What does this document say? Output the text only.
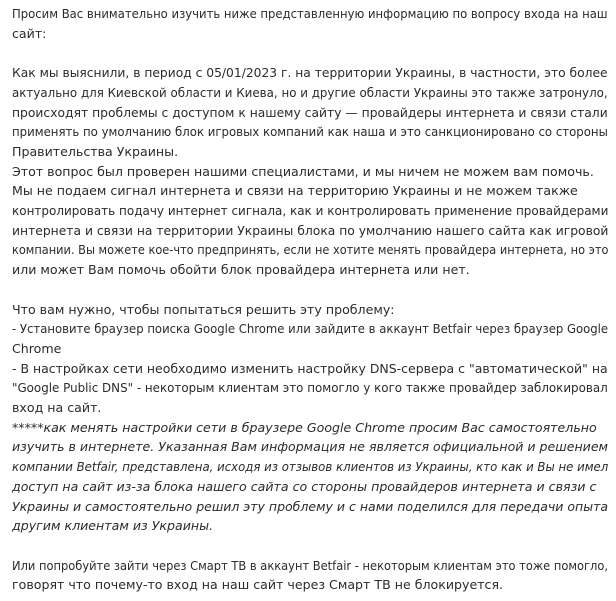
Просим Вас внимательно изучить ниже представленную информацию по вопросу входа на наш
сайт:
Как мы выяснили, в период с 05/01/2023 г. на территории Украины, в частности, это более
актуально для Киевской области и Киева, но и другие области Украины это также затронуло,
происходят проблемы с доступом к нашему сайту — провайдеры интернета и связи стали
применять по умолчанию блок игровых компаний как наша и это санкционировано со стороны
Правительства Украины.
Этот вопрос был проверен нашими специалистами, и мы ничем не можем вам помочь.
Мы не подаем сигнал интернета и связи на территорию Украины и не можем также
контролировать подачу интернет сигнала, как и контролировать применение провайдерами
интернета и связи на территории Украины блока по умолчанию нашего сайта как игровой
компании. Вы можете кое-что предпринять, если не хотите менять провайдера интернета, но это
или может Вам помочь обойти блок провайдера интернета или нет.
Что вам нужно, чтобы попытаться решить эту проблему:
- Установите браузер поиска Google Chrome или зайдите в аккаунт Betfair через браузер Google
Chrome
- В настройках сети необходимо изменить настройку DNS-сервера с "автоматической" на
"Google Public DNS" - некоторым клиентам это помогло у кого также провайдер заблокировал
вход на сайт.
*****как менять настройки сети в браузере Google Chrome просим Вас самостоятельно
изучить в интернете. Указанная Вам информация не является официальной и решением
компании Betfair, представлена, исходя из отзывов клиентов из Украины, кто как и Вы не имел
доступ на сайт из-за блока нашего сайта со стороны провайдеров интернета и связи с
Украины и самостоятельно решил эту проблему и с нами поделился для передачи опыта
другим клиентам из Украины.
Или попробуйте зайти через Смарт ТВ в аккаунт Betfair - некоторым клиентам это тоже помогло,
говорят что почему-то вход на наш сайт через Смарт ТВ не блокируется.
